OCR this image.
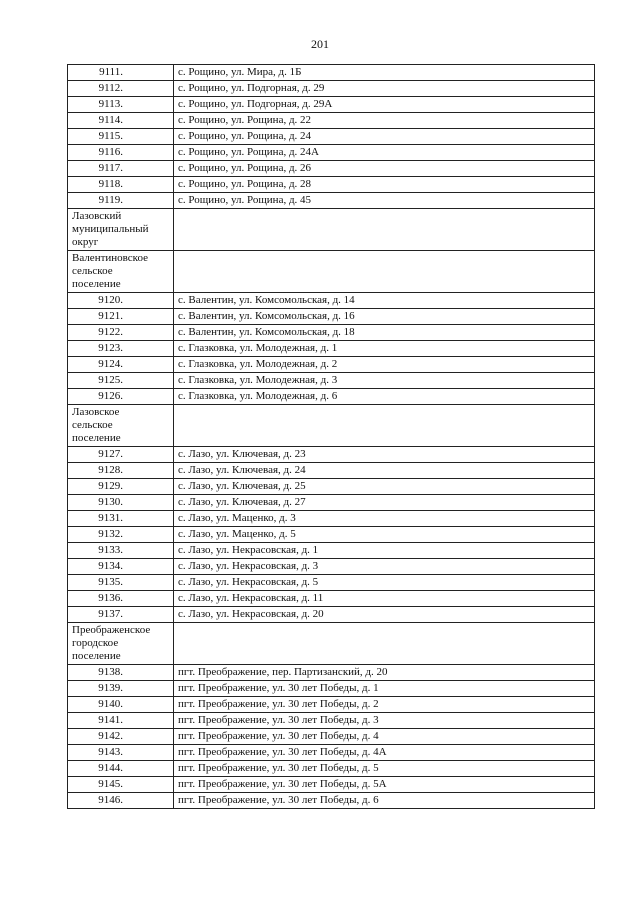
201
9111.	с. Рощино, ул. Мира, д. 1Б
9112.	с. Рощино, ул. Подгорная, д. 29
9113.	с. Рощино, ул. Подгорная, д. 29А
9114.	с. Рощино, ул. Рощина, д. 22
9115.	с. Рощино, ул. Рощина, д. 24
9116.	с. Рощино, ул. Рощина, д. 24А
9117.	с. Рощино, ул. Рощина, д. 26
9118.	с. Рощино, ул. Рощина, д. 28
9119.	с. Рощино, ул. Рощина, д. 45

Лазовский
муниципальный
округ	

Валентиновское
сельское
поселение	

9120.	с. Валентин, ул. Комсомольская, д. 14
9121.	с. Валентин, ул. Комсомольская, д. 16
9122.	с. Валентин, ул. Комсомольская, д. 18
9123.	с. Глазковка, ул. Молодежная, д. 1
9124.	с. Глазковка, ул. Молодежная, д. 2
9125.	с. Глазковка, ул. Молодежная, д. 3
9126.	с. Глазковка, ул. Молодежная, д. 6

Лазовское
сельское
поселение	

9127.	с. Лазо, ул. Ключевая, д. 23
9128.	с. Лазо, ул. Ключевая, д. 24
9129.	с. Лазо, ул. Ключевая, д. 25
9130.	с. Лазо, ул. Ключевая, д. 27
9131.	с. Лазо, ул. Маценко, д. 3
9132.	с. Лазо, ул. Маценко, д. 5
9133.	с. Лазо, ул. Некрасовская, д. 1
9134.	с. Лазо, ул. Некрасовская, д. 3
9135.	с. Лазо, ул. Некрасовская, д. 5
9136.	с. Лазо, ул. Некрасовская, д. 11
9137.	с. Лазо, ул. Некрасовская, д. 20

Преображенское
городское
поселение	

9138.	пгт. Преображение, пер. Партизанский, д. 20
9139.	пгт. Преображение, ул. 30 лет Победы, д. 1
9140.	пгт. Преображение, ул. 30 лет Победы, д. 2
9141.	пгт. Преображение, ул. 30 лет Победы, д. 3
9142.	пгт. Преображение, ул. 30 лет Победы, д. 4
9143.	пгт. Преображение, ул. 30 лет Победы, д. 4А
9144.	пгт. Преображение, ул. 30 лет Победы, д. 5
9145.	пгт. Преображение, ул. 30 лет Победы, д. 5А
9146.	пгт. Преображение, ул. 30 лет Победы, д. 6
